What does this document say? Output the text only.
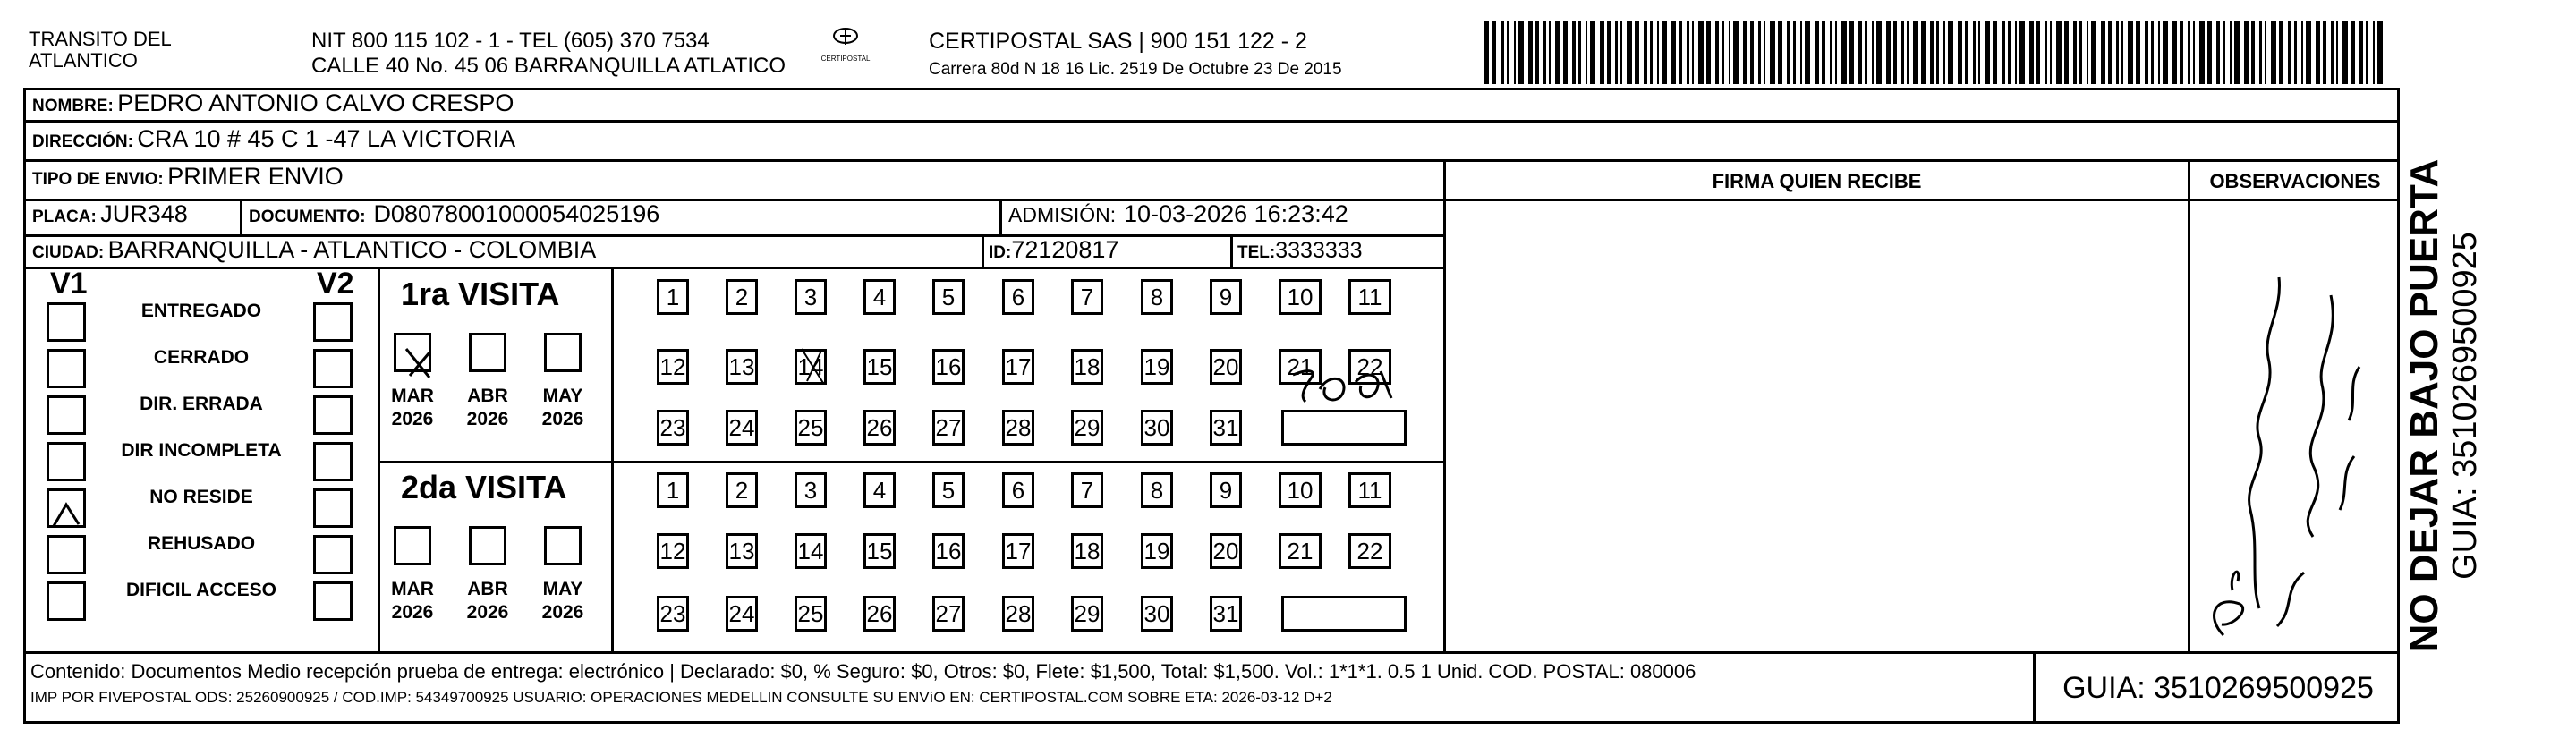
TRANSITO DEL
ATLANTICO
NIT 800 115 102 - 1 - TEL (605) 370 7534
CALLE 40 No. 45 06 BARRANQUILLA ATLATICO	CERTIPOSTAL
CERTIPOSTAL SAS | 900 151 122 - 2
Carrera 80d N 18 16 Lic. 2519 De Octubre 23 De 2015
NOMBRE: PEDRO ANTONIO CALVO CRESPO
DIRECCIÓN: CRA 10 # 45 C 1 -47 LA VICTORIA
TIPO DE ENVIO: PRIMER ENVIO
PLACA: JUR348	DOCUMENTO: D08078001000054025196	ADMISIÓN: 10-03-2026 16:23:42
CIUDAD: BARRANQUILLA - ATLANTICO - COLOMBIA	ID:72120817	TEL:3333333
FIRMA QUIEN RECIBE	OBSERVACIONES
V1	V2
ENTREGADO
CERRADO
DIR. ERRADA
DIR INCOMPLETA
NO RESIDE
REHUSADO
DIFICIL ACCESO
1ra VISITA
2da VISITA
MAR
2026
ABR
2026
MAY
2026
MAR
2026
ABR
2026
MAY
2026
1	2	3	4	5	6	7	8	9	10	11
12 13 14 15 16 17 18 19 20	21	22
23 24 25 26 27 28 29 30 31
1	2	3	4	5	6	7	8	9	10	11
12 13 14 15 16 17 18 19 20	21	22
23 24 25 26 27 28 29 30 31
Contenido: Documentos Medio recepción prueba de entrega: electrónico | Declarado: $0, % Seguro: $0, Otros: $0, Flete: $1,500, Total: $1,500. Vol.: 1*1*1. 0.5 1 Unid. COD. POSTAL: 080006
IMP POR FIVEPOSTAL ODS: 25260900925 / COD.IMP: 54349700925 USUARIO: OPERACIONES MEDELLIN CONSULTE SU ENVíO EN: CERTIPOSTAL.COM SOBRE ETA: 2026-03-12 D+2	GUIA: 3510269500925
NO DEJAR BAJO PUERTA GUIA: 3510269500925
